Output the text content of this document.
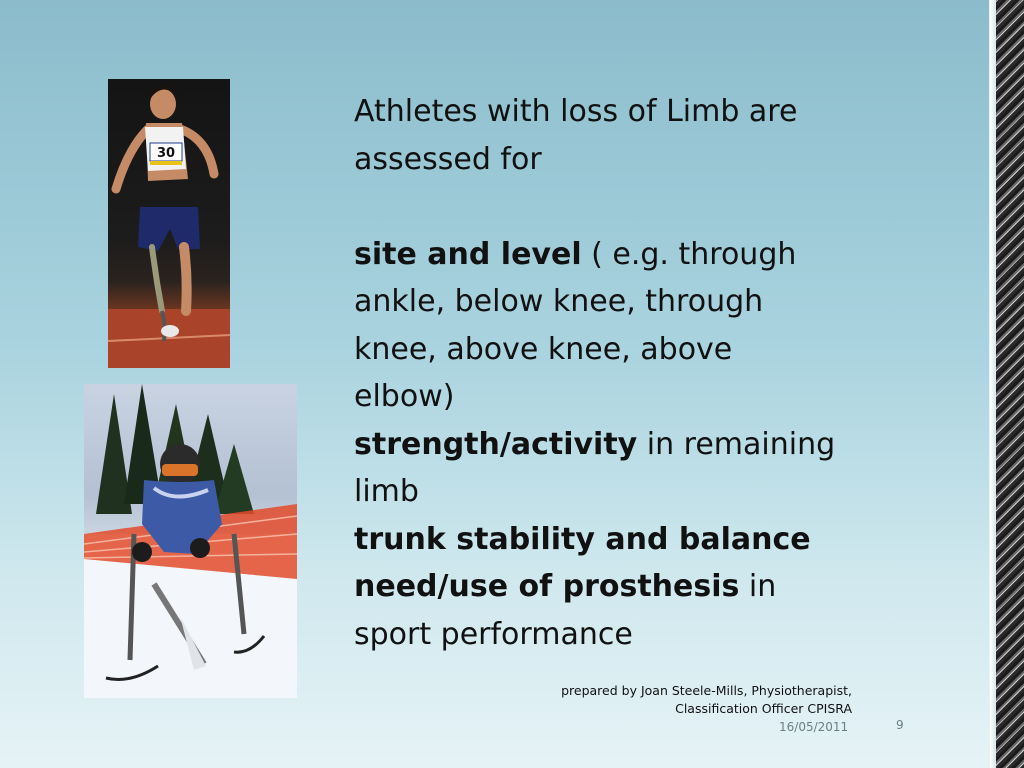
30

Athletes with loss of Limb are

assessed for

site and level ( e.g. through

ankle, below knee, through

knee, above knee, above

elbow)

strength/activity in remaining

limb

trunk stability and balance

need/use of prosthesis in

sport performance

prepared by Joan Steele-Mills, Physiotherapist,
Classification Officer CPISRA
16/05/2011	9
